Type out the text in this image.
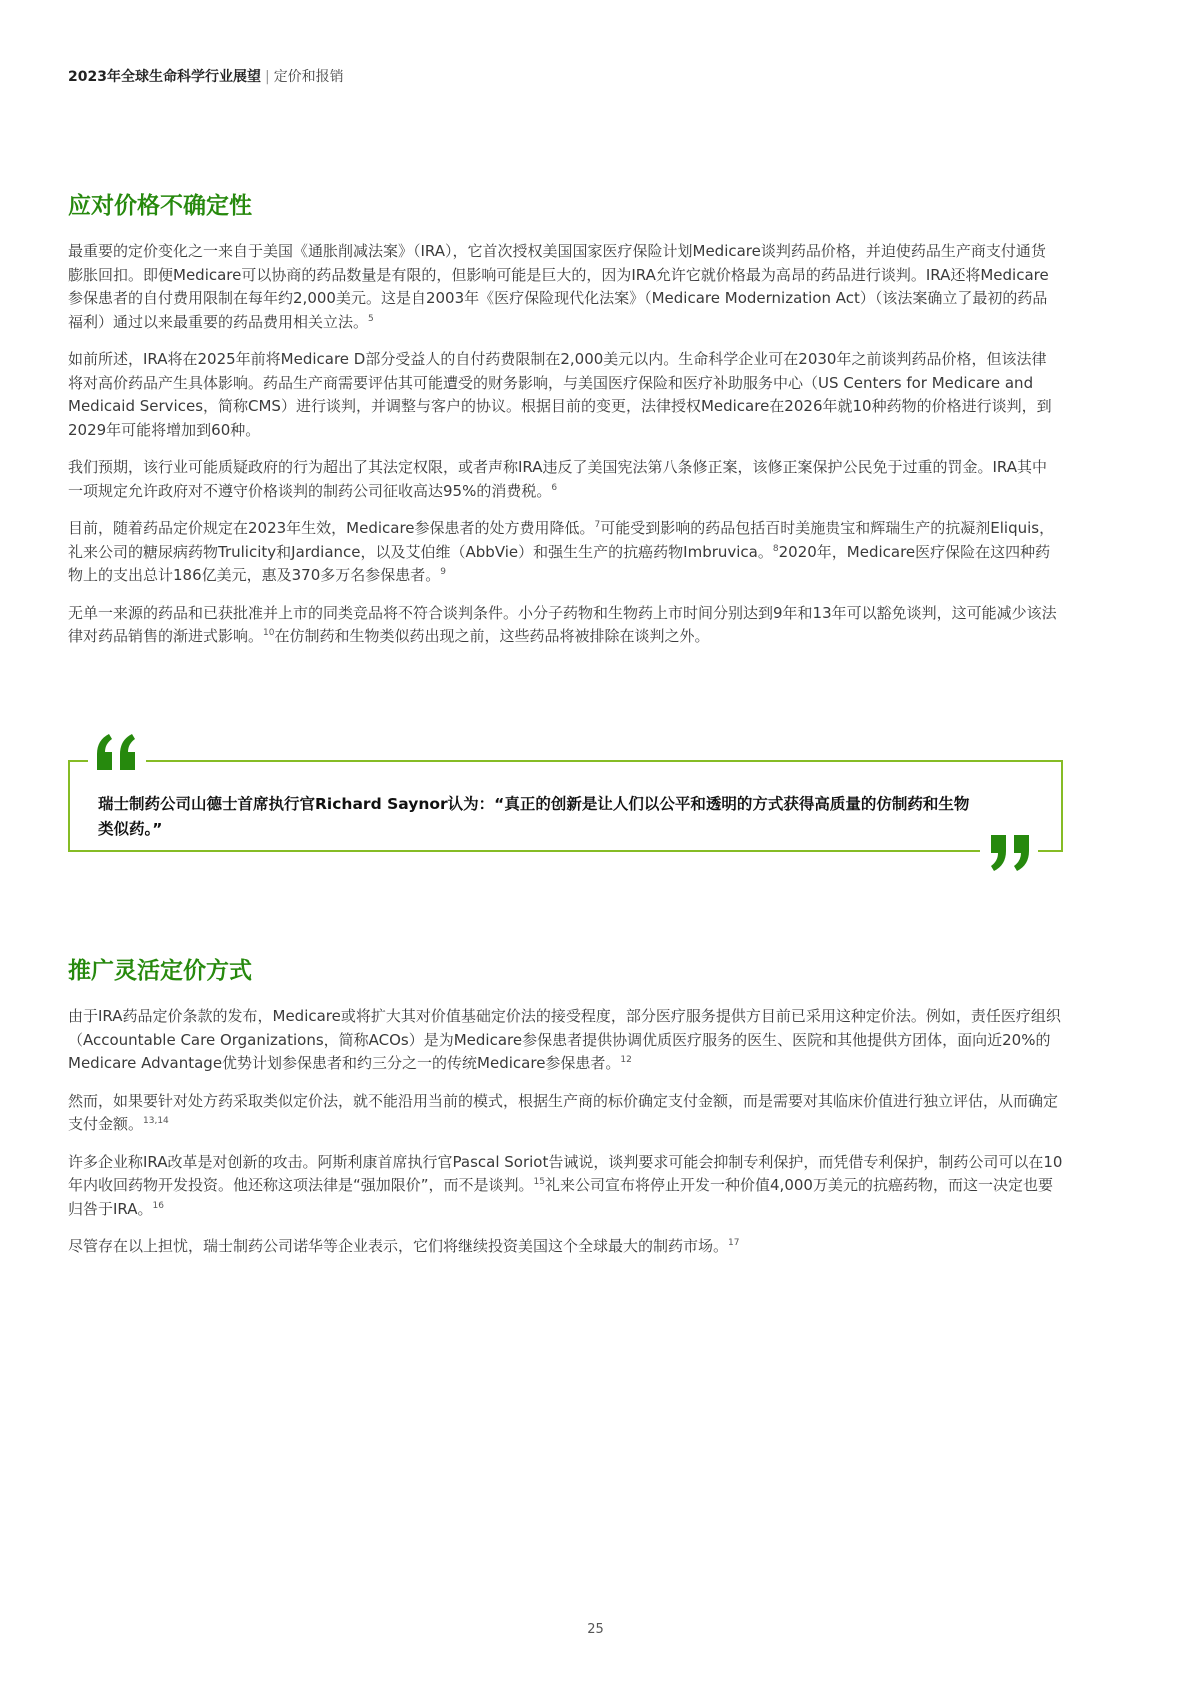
2023年全球生命科学行业展望 | 定价和报销
应对价格不确定性

最重要的定价变化之一来自于美国《通胀削减法案》（IRA），它首次授权美国国家医疗保险计划Medicare谈判药品价格，并迫使药品生产商支付通货膨胀回扣。即便Medicare可以协商的药品数量是有限的，但影响可能是巨大的，因为IRA允许它就价格最为高昂的药品进行谈判。IRA还将Medicare参保患者的自付费用限制在每年约2,000美元。这是自2003年《医疗保险现代化法案》（Medicare Modernization Act）（该法案确立了最初的药品福利）通过以来最重要的药品费用相关立法。$^5$

如前所述，IRA将在2025年前将Medicare D部分受益人的自付药费限制在2,000美元以内。生命科学企业可在2030年之前谈判药品价格，但该法律将对高价药品产生具体影响。药品生产商需要评估其可能遭受的财务影响，与美国医疗保险和医疗补助服务中心（US Centers for Medicare and Medicaid Services，简称CMS）进行谈判，并调整与客户的协议。根据目前的变更，法律授权Medicare在2026年就10种药物的价格进行谈判，到2029年可能将增加到60种。

我们预期，该行业可能质疑政府的行为超出了其法定权限，或者声称IRA违反了美国宪法第八条修正案，该修正案保护公民免于过重的罚金。IRA其中一项规定允许政府对不遵守价格谈判的制药公司征收高达95%的消费税。$^6$

目前，随着药品定价规定在2023年生效，Medicare参保患者的处方费用降低。$^7$可能受到影响的药品包括百时美施贵宝和辉瑞生产的抗凝剂Eliquis，礼来公司的糖尿病药物Trulicity和Jardiance，以及艾伯维（AbbVie）和强生生产的抗癌药物Imbruvica。$^8$2020年，Medicare医疗保险在这四种药物上的支出总计186亿美元，惠及370多万名参保患者。$^9$

无单一来源的药品和已获批准并上市的同类竞品将不符合谈判条件。小分子药物和生物药上市时间分别达到9年和13年可以豁免谈判，这可能减少该法律对药品销售的渐进式影响。$^{10}$在仿制药和生物类似药出现之前，这些药品将被排除在谈判之外。

瑞士制药公司山德士首席执行官Richard Saynor认为：“真正的创新是让人们以公平和透明的方式获得高质量的仿制药和生物类似药。”
推广灵活定价方式

由于IRA药品定价条款的发布，Medicare或将扩大其对价值基础定价法的接受程度，部分医疗服务提供方目前已采用这种定价法。例如，责任医疗组织（Accountable Care Organizations，简称ACOs）是为Medicare参保患者提供协调优质医疗服务的医生、医院和其他提供方团体，面向近20%的Medicare Advantage优势计划参保患者和约三分之一的传统Medicare参保患者。$^{12}$

然而，如果要针对处方药采取类似定价法，就不能沿用当前的模式，根据生产商的标价确定支付金额，而是需要对其临床价值进行独立评估，从而确定支付金额。$^{13,14}$

许多企业称IRA改革是对创新的攻击。阿斯利康首席执行官Pascal Soriot告诫说，谈判要求可能会抑制专利保护，而凭借专利保护，制药公司可以在10年内收回药物开发投资。他还称这项法律是“强加限价”，而不是谈判。$^{15}$礼来公司宣布将停止开发一种价值4,000万美元的抗癌药物，而这一决定也要归咎于IRA。$^{16}$

尽管存在以上担忧，瑞士制药公司诺华等企业表示，它们将继续投资美国这个全球最大的制药市场。$^{17}$

25
